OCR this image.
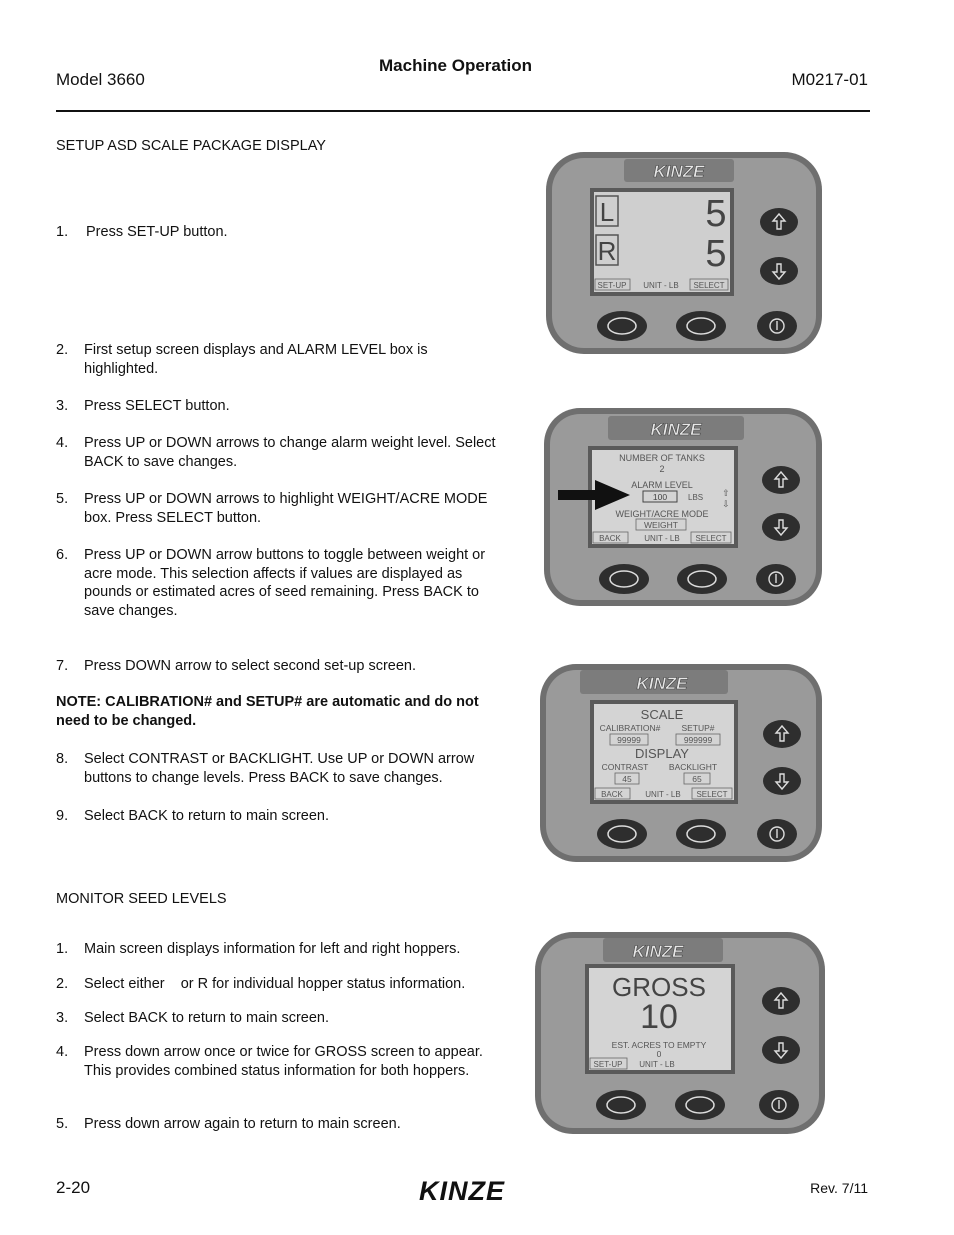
Machine Operation
Model 3660	M0217-01
SETUP ASD SCALE PACKAGE DISPLAY
1. Press SET-UP button.
2. First setup screen displays and ALARM LEVEL box is highlighted.
3. Press SELECT button.
4. Press UP or DOWN arrows to change alarm weight level. Select BACK to save changes.
5. Press UP or DOWN arrows to highlight WEIGHT/ACRE MODE box. Press SELECT button.
6. Press UP or DOWN arrow buttons to toggle between weight or acre mode. This selection affects if values are displayed as pounds or estimated acres of seed remaining. Press BACK to save changes.
7. Press DOWN arrow to select second set-up screen.
NOTE: CALIBRATION# and SETUP# are automatic and do not need to be changed.
8. Select CONTRAST or BACKLIGHT. Use UP or DOWN arrow buttons to change levels. Press BACK to save changes.
9. Select BACK to return to main screen.
MONITOR SEED LEVELS
1. Main screen displays information for left and right hoppers.
2. Select either    or R for individual hopper status information.
3. Select BACK to return to main screen.
4. Press down arrow once or twice for GROSS screen to appear.
This provides combined status information for both hoppers.
5. Press down arrow again to return to main screen.
KINZE
L
R
5
5
SET-UP UNIT - LB SELECT
KINZE
NUMBER OF TANKS
2
ALARM LEVEL
100	LBS ⇧
⇩
WEIGHT/ACRE MODE
WEIGHT
BACK	UNIT - LB SELECT
KINZE
SCALE
CALIBRATION# SETUP#
99999	999999
DISPLAY
CONTRAST BACKLIGHT
45	65
BACK	UNIT - LB SELECT
KINZE
GROSS
10
EST. ACRES TO EMPTY
0
SET-UP UNIT - LB
2-20	KINZE	Rev. 7/11
